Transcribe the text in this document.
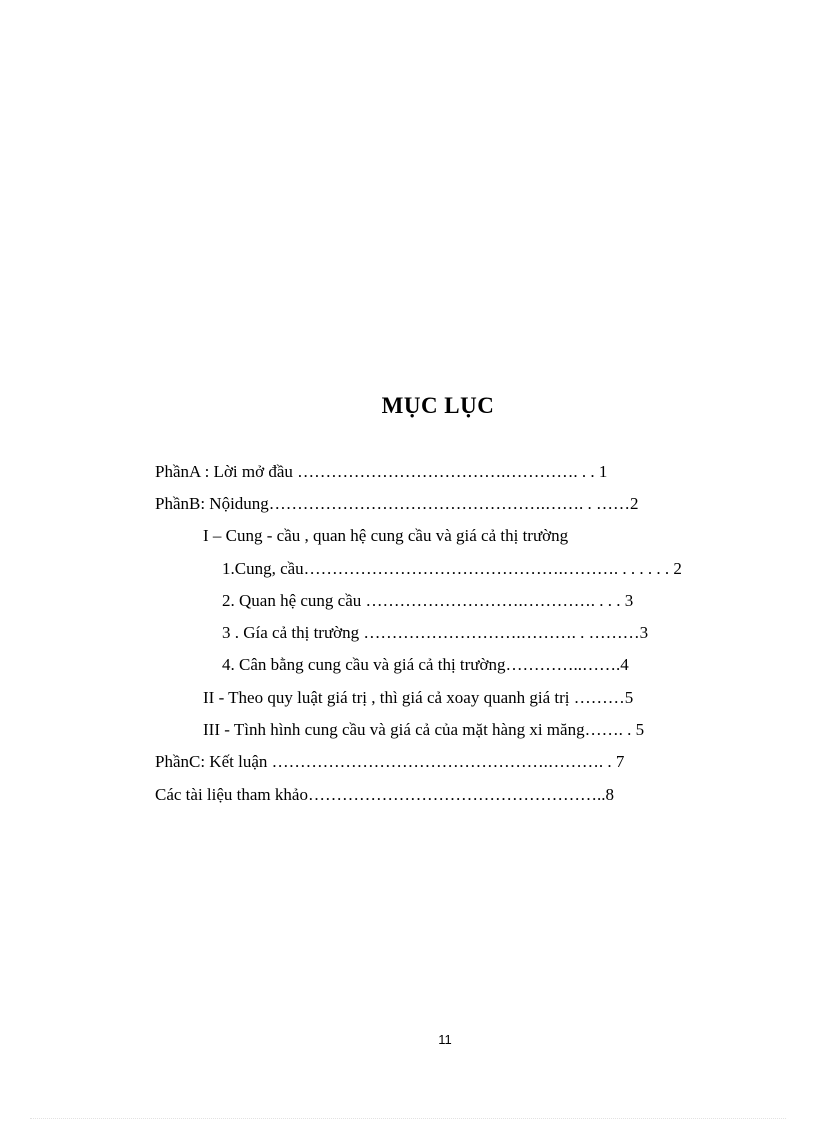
MỤC LỤC
PhầnA : Lời mở đầu ……………………………….…………. . . 1
PhầnB: Nộidung………………………………………….……. . ……2
I – Cung - cầu , quan hệ cung cầu và giá cả thị trường
1.Cung, cầu……………………………………….………. . . . . . . 2
2. Quan hệ cung cầu ……………………….…………. . . . 3
3 . Gía cả thị trường ……………………….………. . ………3
4. Cân bằng cung cầu và giá cả thị trường…………..…….4
II - Theo quy luật giá trị , thì giá cả xoay quanh giá trị ………5
III - Tình hình cung cầu và giá cả của mặt hàng xi măng……. . 5
PhầnC: Kết luận ………………………………………….………. . 7
Các tài liệu tham khảo……………………………………………..8
11
